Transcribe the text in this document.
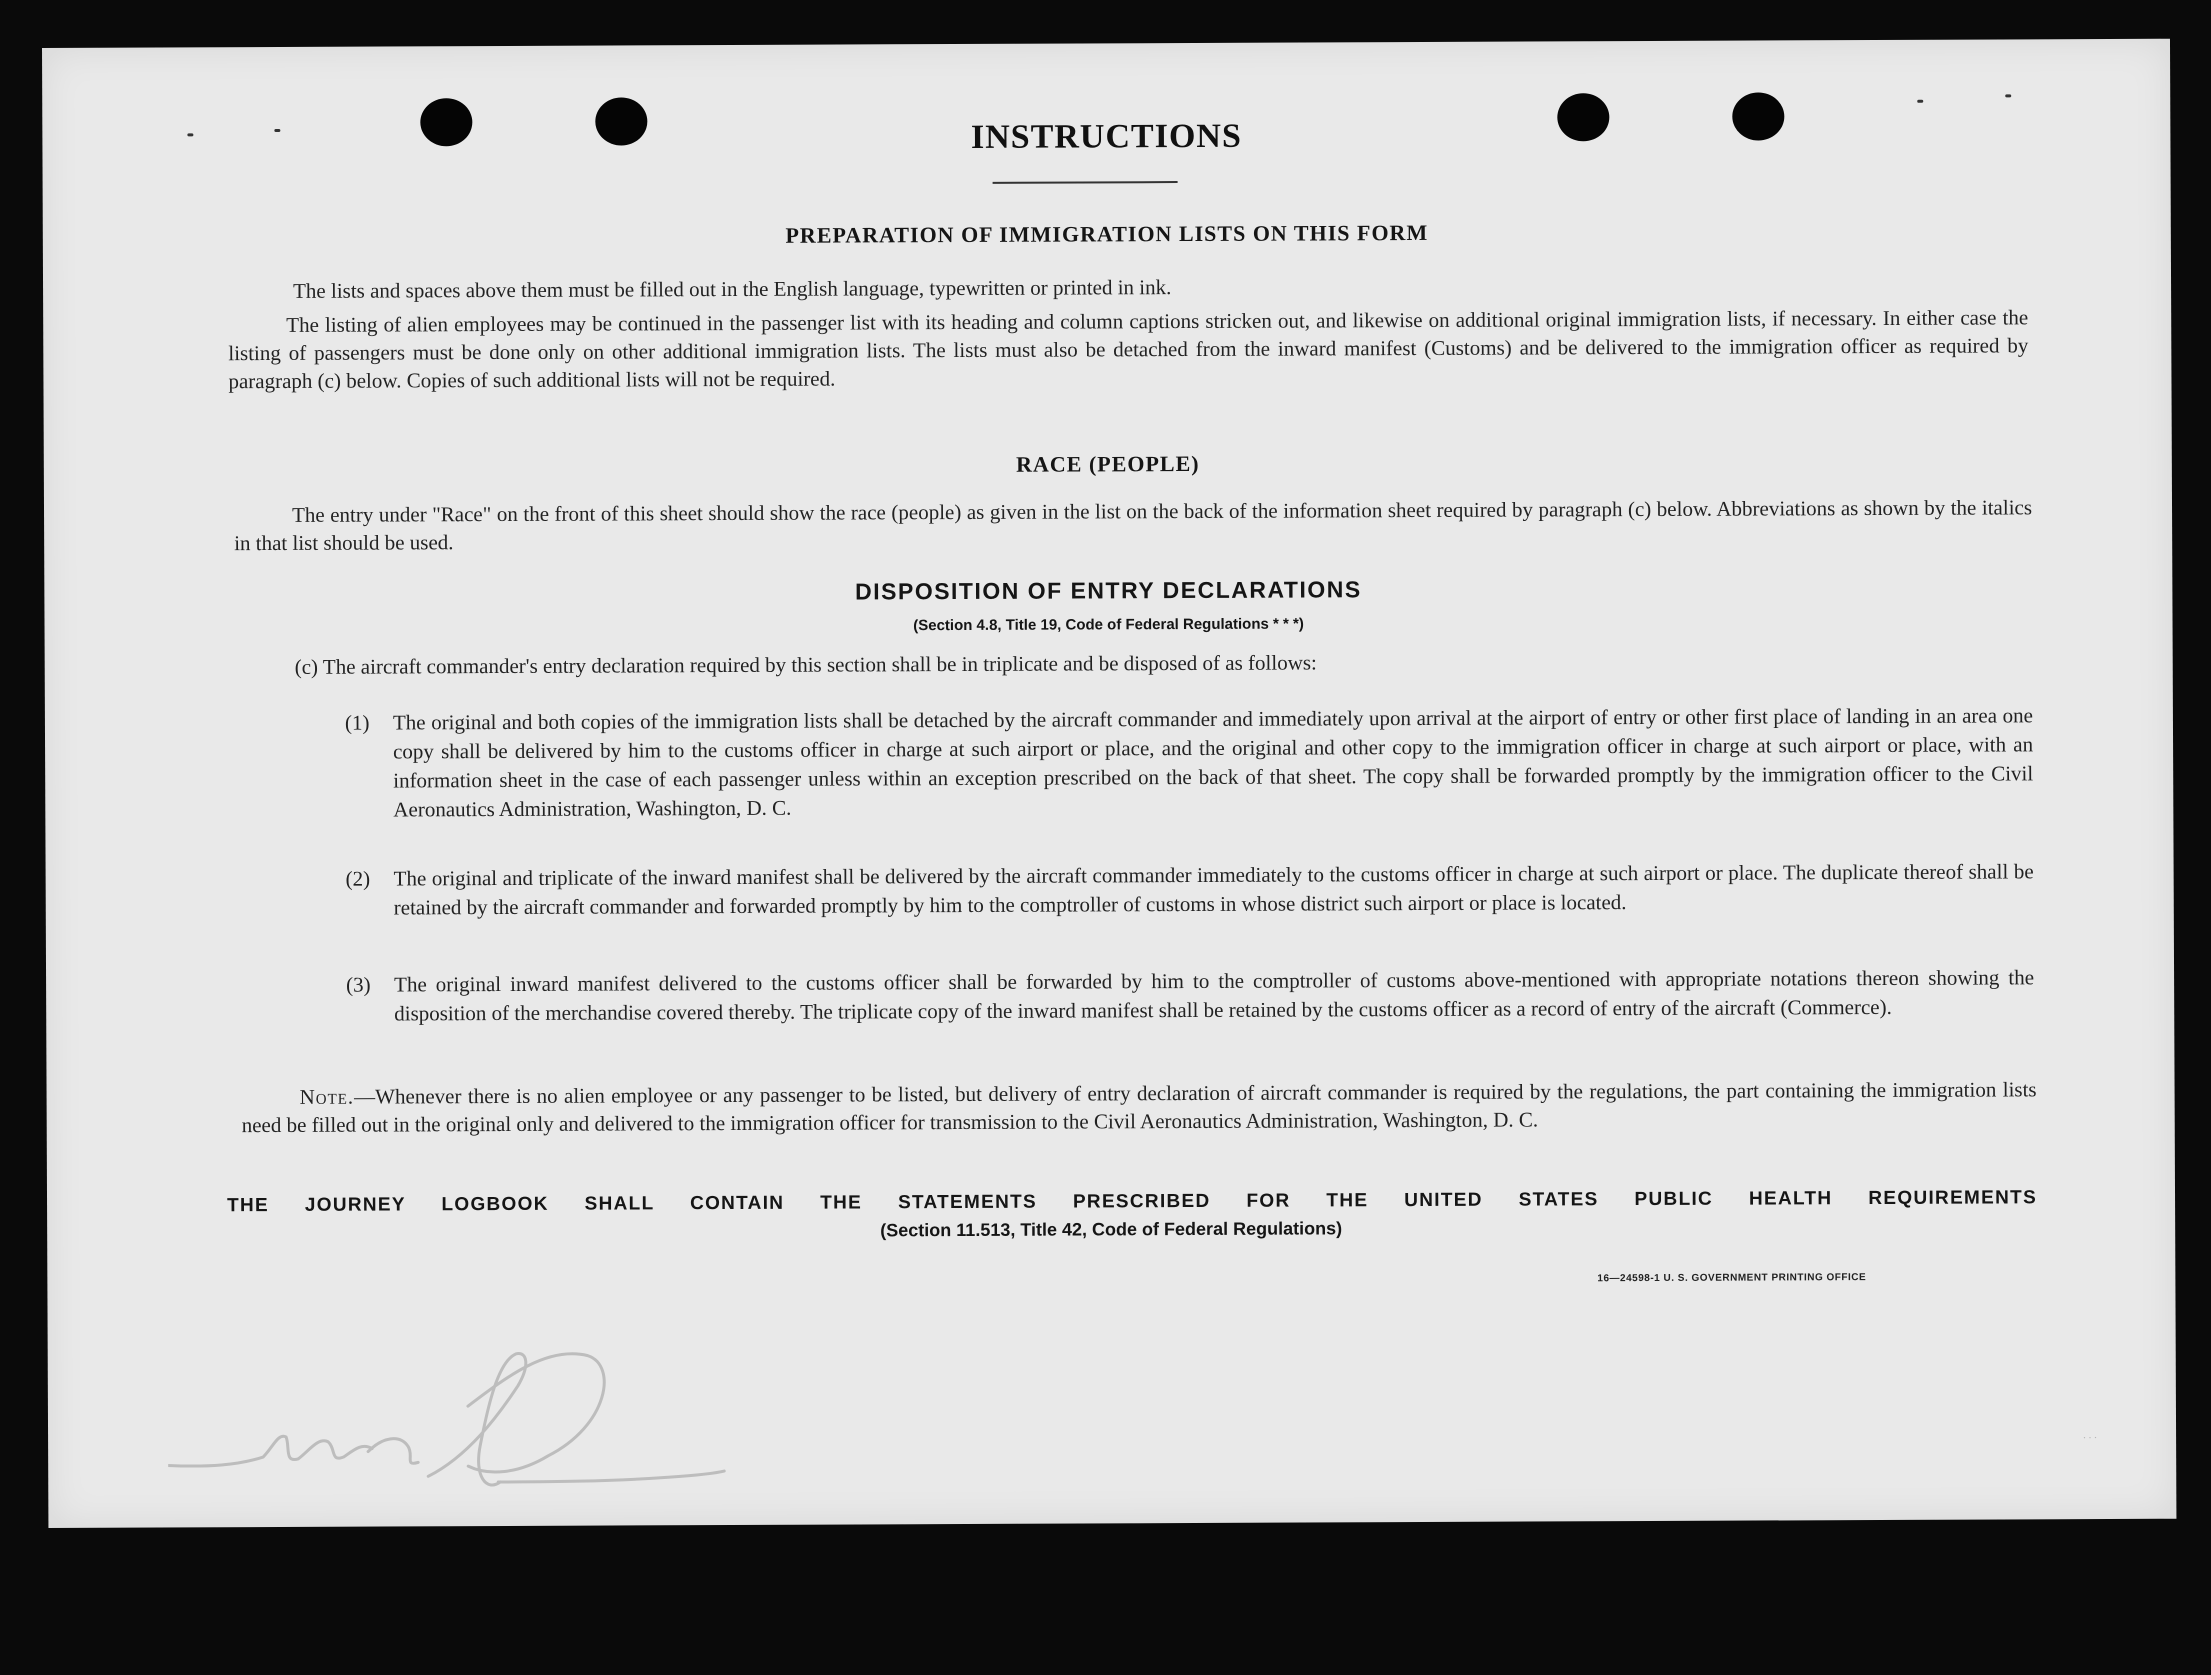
INSTRUCTIONS
PREPARATION OF IMMIGRATION LISTS ON THIS FORM
The lists and spaces above them must be filled out in the English language, typewritten or printed in ink.
The listing of alien employees may be continued in the passenger list with its heading and column captions stricken out, and likewise on additional original immigration lists, if necessary. In either case the listing of passengers must be done only on other additional immigration lists. The lists must also be detached from the inward manifest (Customs) and be delivered to the immigration officer as required by paragraph (c) below. Copies of such additional lists will not be required.
RACE (PEOPLE)
The entry under "Race" on the front of this sheet should show the race (people) as given in the list on the back of the information sheet required by paragraph (c) below. Abbreviations as shown by the italics in that list should be used.
DISPOSITION OF ENTRY DECLARATIONS
(Section 4.8, Title 19, Code of Federal Regulations * * *)
(c) The aircraft commander's entry declaration required by this section shall be in triplicate and be disposed of as follows:
(1) The original and both copies of the immigration lists shall be detached by the aircraft commander and immediately upon arrival at the airport of entry or other first place of landing in an area one copy shall be delivered by him to the customs officer in charge at such airport or place, and the original and other copy to the immigration officer in charge at such airport or place, with an information sheet in the case of each passenger unless within an exception prescribed on the back of that sheet. The copy shall be forwarded promptly by the immigration officer to the Civil Aeronautics Administration, Washington, D. C.
(2) The original and triplicate of the inward manifest shall be delivered by the aircraft commander immediately to the customs officer in charge at such airport or place. The duplicate thereof shall be retained by the aircraft commander and forwarded promptly by him to the comptroller of customs in whose district such airport or place is located.
(3) The original inward manifest delivered to the customs officer shall be forwarded by him to the comptroller of customs above-mentioned with appropriate notations thereon showing the disposition of the merchandise covered thereby. The triplicate copy of the inward manifest shall be retained by the customs officer as a record of entry of the aircraft (Commerce).
Note.—Whenever there is no alien employee or any passenger to be listed, but delivery of entry declaration of aircraft commander is required by the regulations, the part containing the immigration lists need be filled out in the original only and delivered to the immigration officer for transmission to the Civil Aeronautics Administration, Washington, D. C.
THE JOURNEY LOGBOOK SHALL CONTAIN THE STATEMENTS PRESCRIBED FOR THE UNITED STATES PUBLIC HEALTH REQUIREMENTS
(Section 11.513, Title 42, Code of Federal Regulations)
16—24598-1 U. S. GOVERNMENT PRINTING OFFICE
. . .
